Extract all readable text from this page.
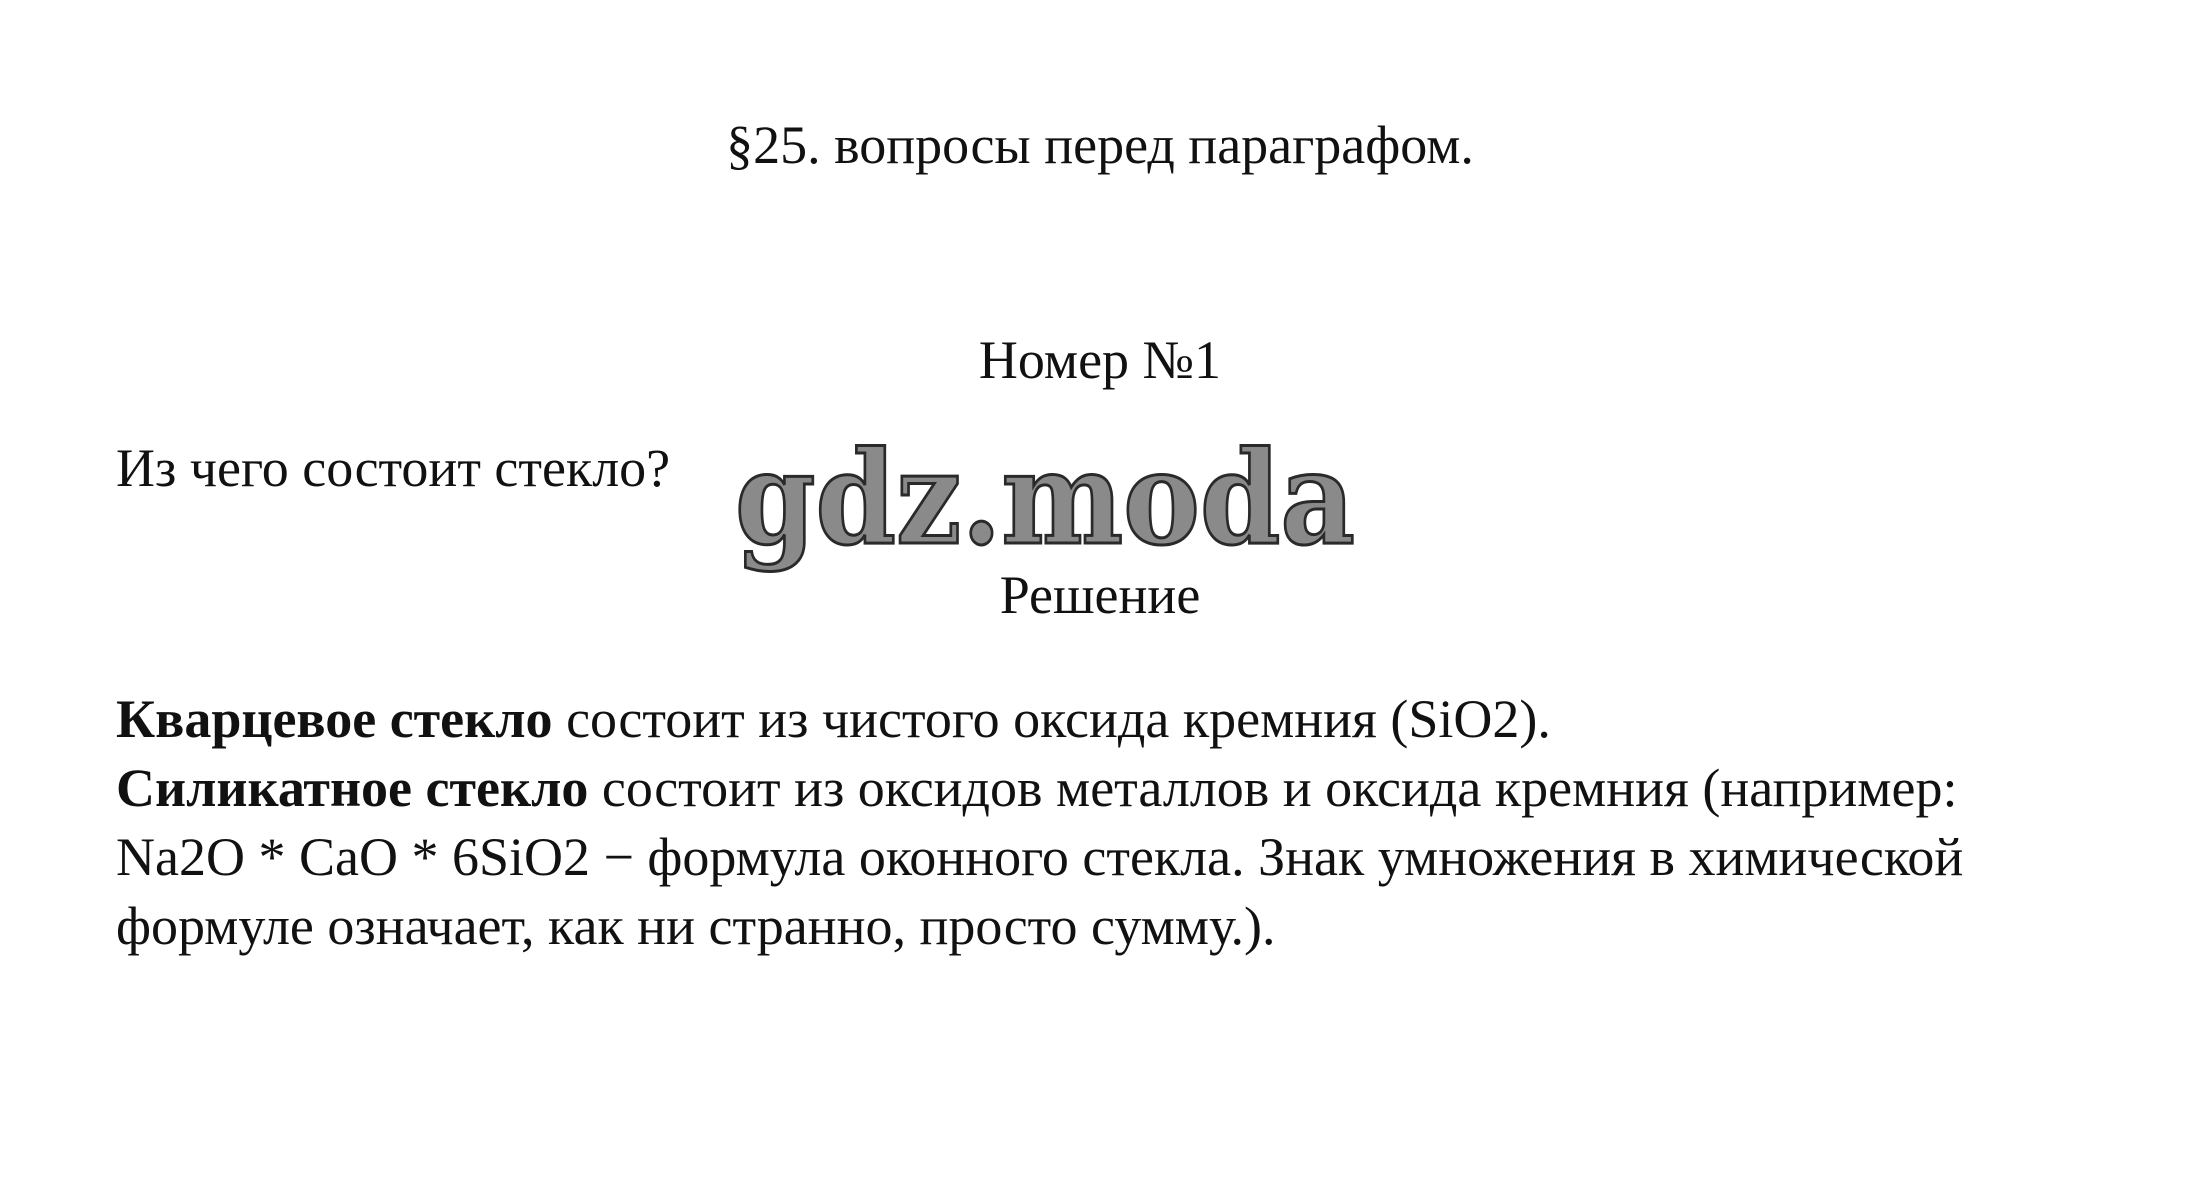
§25. вопросы перед параграфом.
Номер №1
Из чего состоит стекло? gdz.moda
Решение

Кварцевое стекло состоит из чистого оксида кремния (SiO2).

Силикатное стекло состоит из оксидов металлов и оксида кремния (например: Na2O * CaO * 6SiO2 − формула оконного стекла. Знак умножения в химической формуле означает, как ни странно, просто сумму.).
